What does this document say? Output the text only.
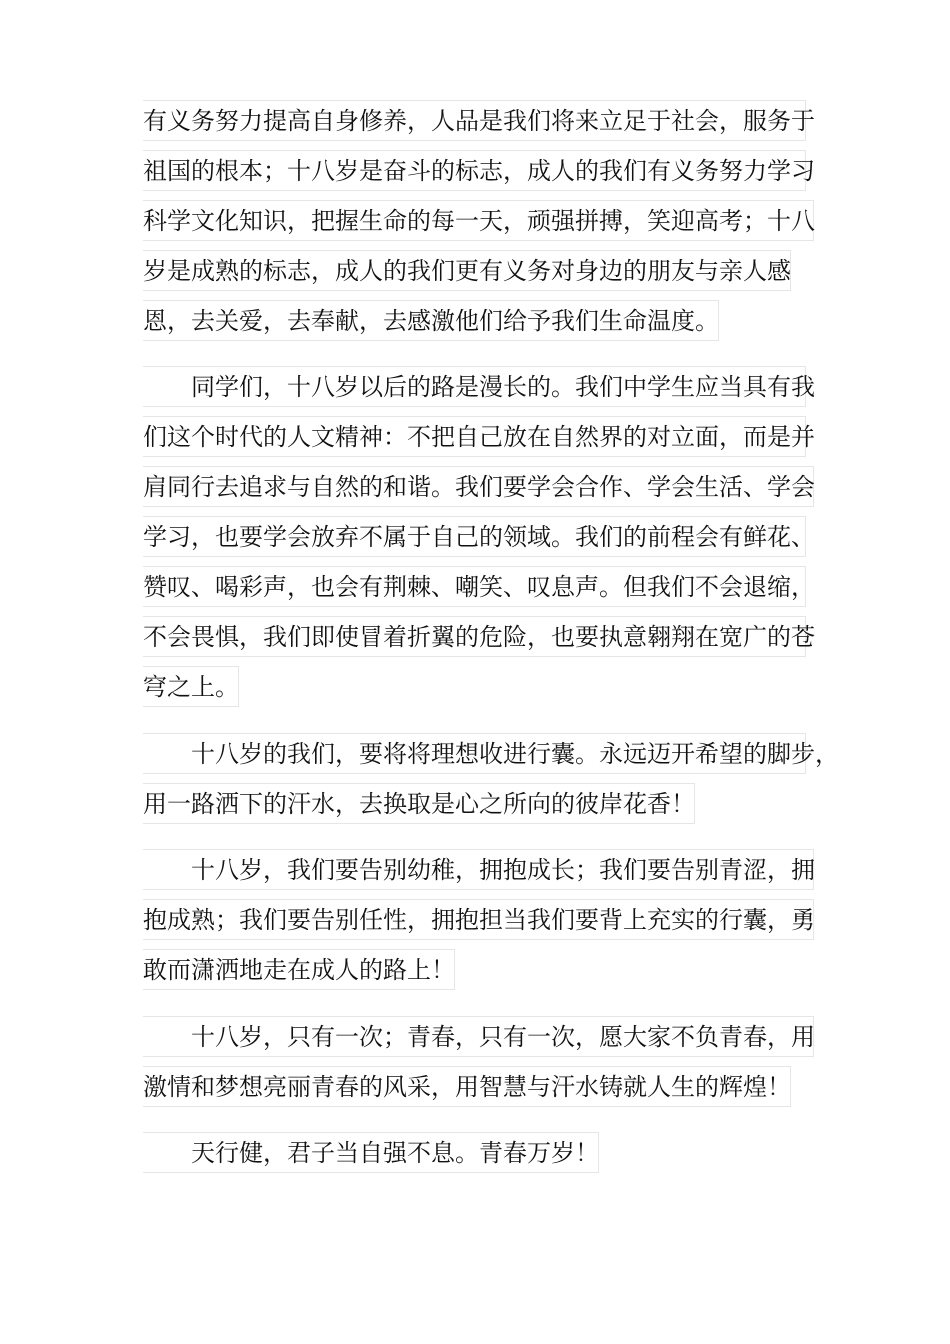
有义务努力提高自身修养，人品是我们将来立足于社会，服务于
祖国的根本；十八岁是奋斗的标志，成人的我们有义务努力学习
科学文化知识，把握生命的每一天，顽强拼搏，笑迎高考；十八
岁是成熟的标志，成人的我们更有义务对身边的朋友与亲人感
恩，去关爱，去奉献，去感激他们给予我们生命温度。
同学们，十八岁以后的路是漫长的。我们中学生应当具有我
们这个时代的人文精神：不把自己放在自然界的对立面，而是并
肩同行去追求与自然的和谐。我们要学会合作、学会生活、学会
学习，也要学会放弃不属于自己的领域。我们的前程会有鲜花、
赞叹、喝彩声，也会有荆棘、嘲笑、叹息声。但我们不会退缩，
不会畏惧，我们即使冒着折翼的危险，也要执意翱翔在宽广的苍
穹之上。
十八岁的我们，要将将理想收进行囊。永远迈开希望的脚步，
用一路洒下的汗水，去换取是心之所向的彼岸花香！
十八岁，我们要告别幼稚，拥抱成长；我们要告别青涩，拥
抱成熟；我们要告别任性，拥抱担当我们要背上充实的行囊，勇
敢而潇洒地走在成人的路上！
十八岁，只有一次；青春，只有一次，愿大家不负青春，用
激情和梦想亮丽青春的风采，用智慧与汗水铸就人生的辉煌！
天行健，君子当自强不息。青春万岁！
